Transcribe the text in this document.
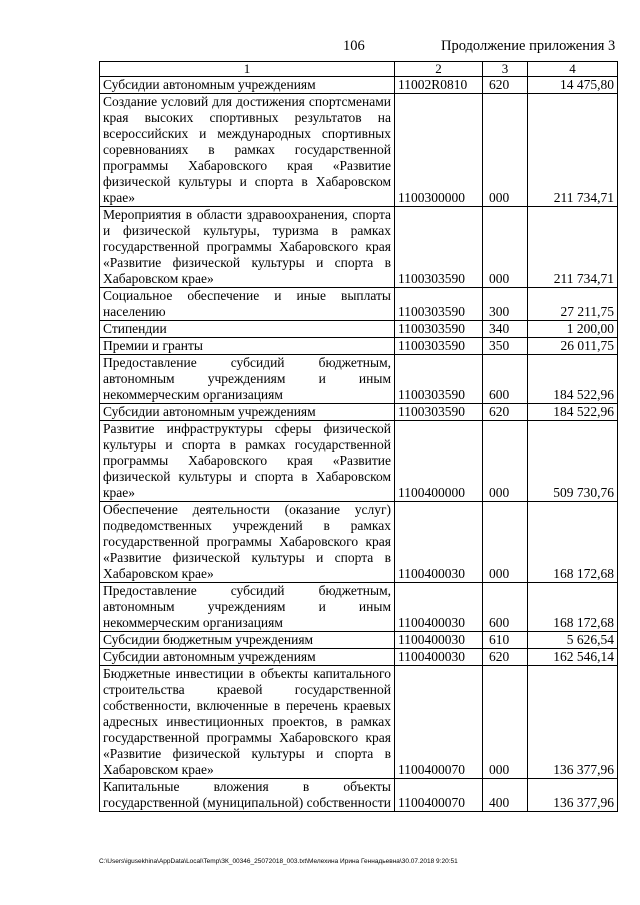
106	Продолжение приложения 3
1	2	3	4
Субсидии автономным учреждениям	11002R0810	620	14 475,80
Создание условий для достижения спортсменами края высоких спортивных результатов на всероссийских и международных спортивных соревнованиях в рамках государственной программы Хабаровского края «Развитие физической культуры и спорта в Хабаровском крае»	1100300000	000	211 734,71
Мероприятия в области здравоохранения, спорта и физической культуры, туризма в рамках государственной программы Хабаровского края «Развитие физической культуры и спорта в Хабаровском крае»	1100303590	000	211 734,71
Социальное обеспечение и иные выплаты населению	1100303590	300	27 211,75
Стипендии	1100303590	340	1 200,00
Премии и гранты	1100303590	350	26 011,75
Предоставление субсидий бюджетным, автономным учреждениям и иным некоммерческим организациям	1100303590	600	184 522,96
Субсидии автономным учреждениям	1100303590	620	184 522,96
Развитие инфраструктуры сферы физической культуры и спорта в рамках государственной программы Хабаровского края «Развитие физической культуры и спорта в Хабаровском крае»	1100400000	000	509 730,76
Обеспечение деятельности (оказание услуг) подведомственных учреждений в рамках государственной программы Хабаровского края «Развитие физической культуры и спорта в Хабаровском крае»	1100400030	000	168 172,68
Предоставление субсидий бюджетным, автономным учреждениям и иным некоммерческим организациям	1100400030	600	168 172,68
Субсидии бюджетным учреждениям	1100400030	610	5 626,54
Субсидии автономным учреждениям	1100400030	620	162 546,14
Бюджетные инвестиции в объекты капитального строительства краевой государственной собственности, включенные в перечень краевых адресных инвестиционных проектов, в рамках государственной программы Хабаровского края «Развитие физической культуры и спорта в Хабаровском крае»	1100400070	000	136 377,96
Капитальные вложения в объекты государственной (муниципальной) собственности	1100400070	400	136 377,96
C:\Users\igusekhina\AppData\Local\Temp\ЗК_00346_25072018_003.txt\Мелехина Ирина Геннадьевна\30.07.2018 9:20:51
